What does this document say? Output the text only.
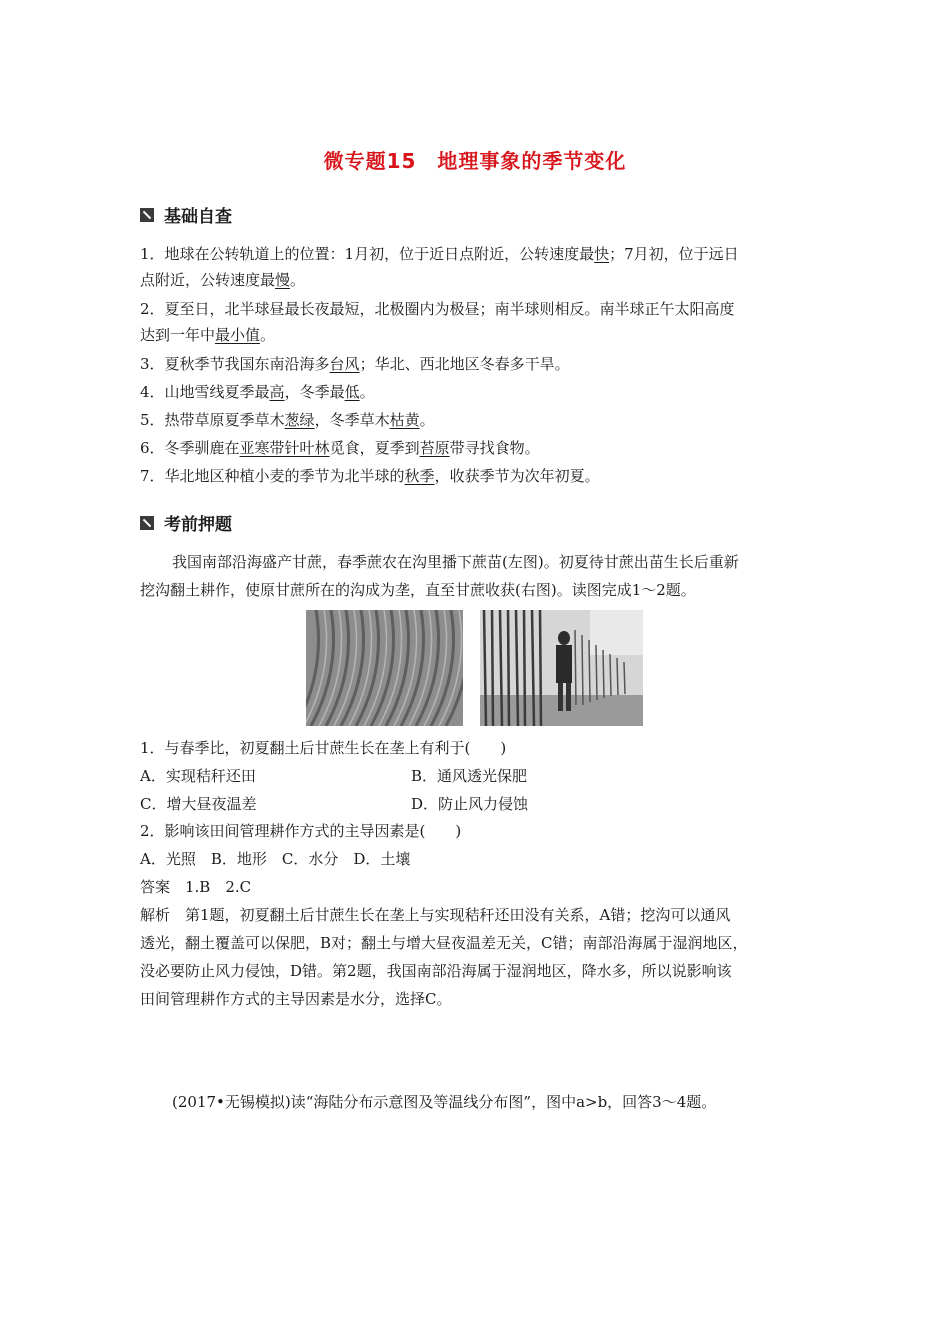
微专题15　地理事象的季节变化
基础自查
1．地球在公转轨道上的位置：1月初，位于近日点附近，公转速度最快；7月初，位于远日
点附近，公转速度最慢。
2．夏至日，北半球昼最长夜最短，北极圈内为极昼；南半球则相反。南半球正午太阳高度
达到一年中最小值。
3．夏秋季节我国东南沿海多台风；华北、西北地区冬春多干旱。
4．山地雪线夏季最高，冬季最低。
5．热带草原夏季草木葱绿，冬季草木枯黄。
6．冬季驯鹿在亚寒带针叶林觅食，夏季到苔原带寻找食物。
7．华北地区种植小麦的季节为北半球的秋季，收获季节为次年初夏。
考前押题
我国南部沿海盛产甘蔗，春季蔗农在沟里播下蔗苗(左图)。初夏待甘蔗出苗生长后重新
挖沟翻土耕作，使原甘蔗所在的沟成为垄，直至甘蔗收获(右图)。读图完成1～2题。
1．与春季比，初夏翻土后甘蔗生长在垄上有利于(　　)
A．实现秸秆还田	B．通风透光保肥
C．增大昼夜温差	D．防止风力侵蚀
2．影响该田间管理耕作方式的主导因素是(　　)
A．光照　B．地形　C．水分　D．土壤
答案　1.B　2.C
解析　第1题，初夏翻土后甘蔗生长在垄上与实现秸秆还田没有关系，A错；挖沟可以通风
透光，翻土覆盖可以保肥，B对；翻土与增大昼夜温差无关，C错；南部沿海属于湿润地区，
没必要防止风力侵蚀，D错。第2题，我国南部沿海属于湿润地区，降水多，所以说影响该
田间管理耕作方式的主导因素是水分，选择C。
(2017•无锡模拟)读“海陆分布示意图及等温线分布图”，图中a>b，回答3～4题。
